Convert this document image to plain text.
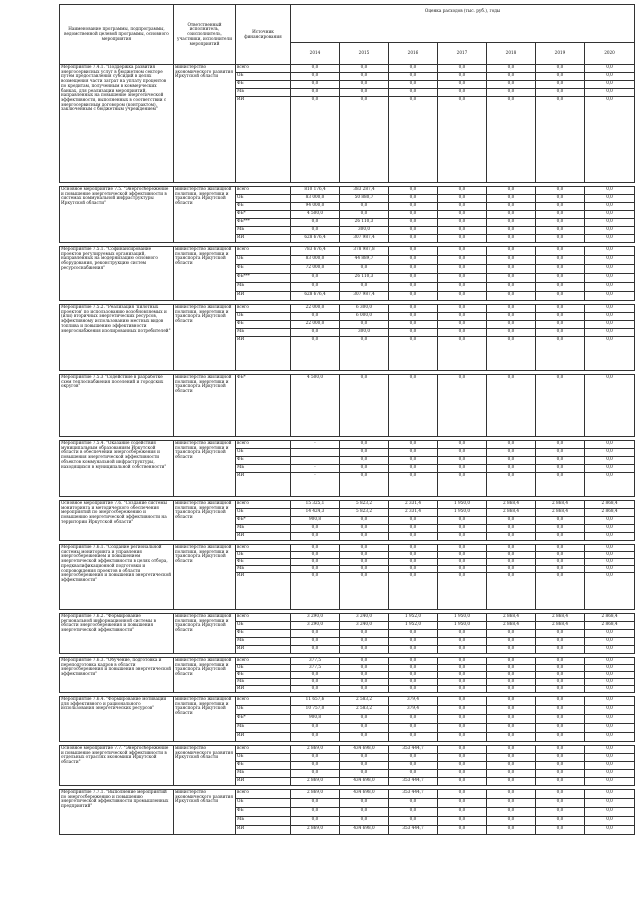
Наименование программы, подпрограммы, ведомственной целевой программы, основного мероприятия	Ответственный исполнитель, соисполнитель, участники, исполнители мероприятий	Источник финансирования	Оценка расходов (тыс. руб.), годы						
			2014	2015	2016	2017	2018	2019	2020
Мероприятие 7.4.1. "Поддержка развития энергосервисных услуг в бюджетном секторе путем предоставления субсидий в целях возмещения части затрат на уплату процентов по кредитам, полученным в коммерческих банках, для реализации мероприятий, направленных на повышение энергетической эффективности, выполненных в соответствии с энергосервисным договором (контрактом), заключенным с бюджетным учреждением"	министерство экономического развития Иркутской области	всего	0,0	0,0	0,0	0,0	0,0	0,0	0,0
		ОБ	0,0	0,0	0,0	0,0	0,0	0,0	0,0
		ФБ	0,0	0,0	0,0	0,0	0,0	0,0	0,0
		МБ	0,0	0,0	0,0	0,0	0,0	0,0	0,0
		ИИ	0,0	0,0	0,0	0,0	0,0	0,0	0,0

Основное мероприятие 7.5. "Энергосбережение и повышение энергетической эффективности в системах коммунальной инфраструктуры Иркутской области"	министерство жилищной политики, энергетики и транспорта Иркутской области	всего	810 176,4	383 287,4	0,0	0,0	0,0	0,0	0,0
		ОБ	83 000,0	50 880,7	0,0	0,0	0,0	0,0	0,0
		ФБ	94 000,0	0,0	0,0	0,0	0,0	0,0	0,0
		ФБ*	4 500,0	0,0	0,0	0,0	0,0	0,0	0,0
		ФБ***	0,0	26 110,3	0,0	0,0	0,0	0,0	0,0
		МБ	0,0	300,0	0,0	0,0	0,0	0,0	0,0
		ИИ	628 676,4	307 987,4	0,0	0,0	0,0	0,0	0,0

Мероприятие 7.5.1. "Софинансирование проектов регулируемых организаций, направленных на модернизацию основного оборудования, реконструкцию систем ресурсоснабжения"	министерство жилищной политики, энергетики и транспорта Иркутской области	всего	783 676,4	378 987,8	0,0	0,0	0,0	0,0	0,0
		ОБ	83 000,0	44 889,7	0,0	0,0	0,0	0,0	0,0
		ФБ	72 000,0	0,0	0,0	0,0	0,0	0,0	0,0
		ФБ***	0,0	26 110,3	0,0	0,0	0,0	0,0	0,0
		МБ	0,0	0,0	0,0	0,0	0,0	0,0	0,0
		ИИ	628 676,4	307 987,4	0,0	0,0	0,0	0,0	0,0

Мероприятие 7.5.2. "Реализация 'пилотных проектов' по использованию возобновляемых и (или) вторичных энергетических ресурсов, эффективному использованию местных видов топлива и повышению эффективности энергоснабжения изолированных потребителей"	министерство жилищной политики, энергетики и транспорта Иркутской области	всего	22 000,0	6 300,0	0,0	0,0	0,0	0,0	0,0
		ОБ	0,0	6 000,0	0,0	0,0	0,0	0,0	0,0
		ФБ	22 000,0	0,0	0,0	0,0	0,0	0,0	0,0
		МБ	0,0	300,0	0,0	0,0	0,0	0,0	0,0
		ИИ	0,0	0,0	0,0	0,0	0,0	0,0	0,0

Мероприятие 7.5.3 "Содействие в разработке схем теплоснабжения поселений и городских округов"	министерство жилищной политики, энергетики и транспорта Иркутской области	ФБ*	4 500,0	0,0	0,0	0,0	0,0	0,0	0,0

Мероприятие 7.5.4. "Оказание содействия муниципальным образованиям Иркутской области в обеспечении энергосбережения и повышения энергетической эффективности объектов коммунальной инфраструктуры, находящихся в муниципальной собственности"	министерство жилищной политики, энергетики и транспорта Иркутской области	всего	-	0,0	0,0	0,0	0,0	0,0	0,0
		ОБ		0,0	0,0	0,0	0,0	0,0	0,0
		ФБ		0,0	0,0	0,0	0,0	0,0	0,0
		МБ	-	0,0	0,0	0,0	0,0	0,0	0,0
		ИИ	-	0,0	0,0	0,0	0,0	0,0	0,0

Основное мероприятие 7.6. "Создание системы мониторинга и методического обеспечения мероприятий по энергосбережению и повышению энергетической эффективности на территории Иркутской области"	министерство жилищной политики, энергетики и транспорта Иркутской области	всего	15 325,1	5 823,2	2 331,4	1 950,0	2 868,4	2 868,4	2 868,4
		ОБ	14 424,3	5 823,2	2 331,4	1 950,0	2 868,4	2 868,4	2 868,4
		ФБ*	900,8	0,0	0,0	0,0	0,0	0,0	0,0
		МБ	0,0	0,0	0,0	0,0	0,0	0,0	0,0
		ИИ	0,0	0,0	0,0	0,0	0,0	0,0	0,0

Мероприятие 7.6.1. "Создание региональной системы мониторинга и управления энергосбережением и повышением энергетической эффективности в целях отбора, предквалификационной подготовки и сопровождения проектов в области энергосбережения и повышения энергетической эффективности"	министерство жилищной политики, энергетики и транспорта Иркутской области	всего	0,0	0,0	0,0	0,0	0,0	0,0	0,0
		ОБ	0,0	0,0	0,0	0,0	0,0	0,0	0,0
		ФБ	0,0	0,0	0,0	0,0	0,0	0,0	0,0
		МБ	0,0	0,0	0,0	0,0	0,0	0,0	0,0
		ИИ	0,0	0,0	0,0	0,0	0,0	0,0	0,0

Мероприятие 7.6.2. "Формирование региональной информационной системы в области энергосбережения и повышения энергетической эффективности"	министерство жилищной политики, энергетики и транспорта Иркутской области	всего	3 290,0	3 240,0	1 952,0	1 950,0	2 868,4	2 868,4	2 868,4
		ОБ	3 290,0	3 240,0	1 952,0	1 950,0	2 868,4	2 868,4	2 868,4
		ФБ	0,0	0,0	0,0	0,0	0,0	0,0	0,0
		МБ	0,0	0,0	0,0	0,0	0,0	0,0	0,0
		ИИ	0,0	0,0	0,0	0,0	0,0	0,0	0,0

Мероприятие 7.6.3. "Обучение, подготовка и переподготовка кадров в области энергосбережения и повышения энергетической эффективности"	министерство жилищной политики, энергетики и транспорта Иркутской области	всего	377,5	0,0	0,0	0,0	0,0	0,0	0,0
		ОБ	377,5	0,0	0,0	0,0	0,0	0,0	0,0
		ФБ	0,0	0,0	0,0	0,0	0,0	0,0	0,0
		МБ	0,0	0,0	0,0	0,0	0,0	0,0	0,0
		ИИ	0,0	0,0	0,0	0,0	0,0	0,0	0,0

Мероприятие 7.6.4. "Формирование мотивации для эффективного и рационального использования энергетических ресурсов"	министерство жилищной политики, энергетики и транспорта Иркутской области	всего	11 657,6	2 583,2	379,4	0,0	0,0	0,0	0,0
		ОБ	10 757,0	2 583,2	379,4	0,0	0,0	0,0	0,0
		ФБ*	900,8	0,0	0,0	0,0	0,0	0,0	0,0
		МБ	0,0	0,0	0,0	0,0	0,0	0,0	0,0
		ИИ	0,0	0,0	0,0	0,0	0,0	0,0	0,0

Основное мероприятие 7.7. "Энергосбережение и повышение энергетической эффективности в отдельных отраслях экономики Иркутской области"	министерство экономического развития Иркутской области	всего	2 869,0	434 698,0	353 444,7	0,0	0,0	0,0	0,0
		ОБ	0,0	0,0	0,0	0,0	0,0	0,0	0,0
		ФБ	0,0	0,0	0,0	0,0	0,0	0,0	0,0
		МБ	0,0	0,0	0,0	0,0	0,0	0,0	0,0
		ИИ	2 869,0	434 698,0	353 444,7	0,0	0,0	0,0	0,0

Мероприятие 7.7.1. "Выполнение мероприятий по энергосбережению и повышению энергетической эффективности промышленных предприятий"	министерство экономического развития Иркутской области	всего	2 869,0	434 698,0	353 444,7	0,0	0,0	0,0	0,0
		ОБ	0,0	0,0	0,0	0,0	0,0	0,0	0,0
		ФБ	0,0	0,0	0,0	0,0	0,0	0,0	0,0
		МБ	0,0	0,0	0,0	0,0	0,0	0,0	0,0
		ИИ	2 869,0	434 698,0	353 444,7	0,0	0,0	0,0	0,0
